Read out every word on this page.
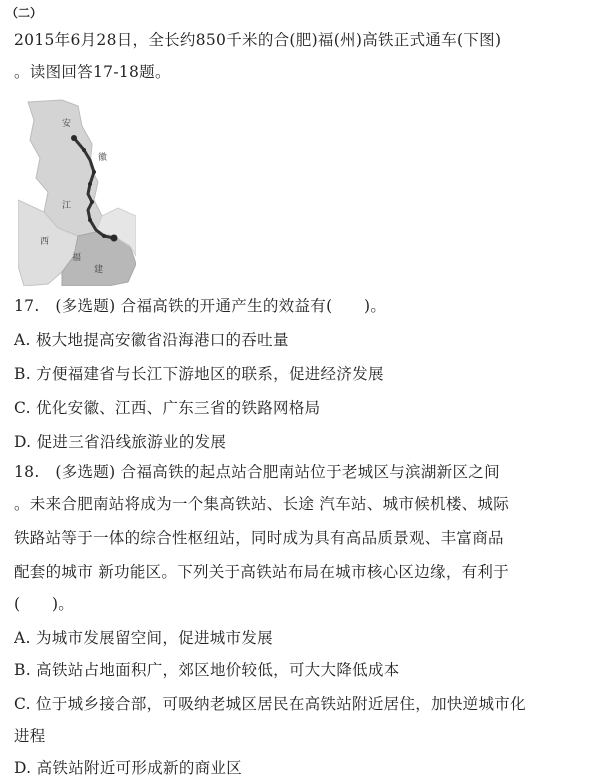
（二）
2015年6月28日，全长约850千米的合(肥)福(州)高铁正式通车(下图)
。读图回答17-18题。
安
徽
江
西
福
建
17.　(多选题) 合福高铁的开通产生的效益有(　　)。
A. 极大地提高安徽省沿海港口的吞吐量
B. 方便福建省与长江下游地区的联系，促进经济发展
C. 优化安徽、江西、广东三省的铁路网格局
D. 促进三省沿线旅游业的发展
18.　(多选题) 合福高铁的起点站合肥南站位于老城区与滨湖新区之间
。未来合肥南站将成为一个集高铁站、长途 汽车站、城市候机楼、城际
铁路站等于一体的综合性枢纽站，同时成为具有高品质景观、丰富商品
配套的城市 新功能区。下列关于高铁站布局在城市核心区边缘，有利于
(　　)。
A. 为城市发展留空间，促进城市发展
B. 高铁站占地面积广，郊区地价较低，可大大降低成本
C. 位于城乡接合部，可吸纳老城区居民在高铁站附近居住，加快逆城市化
进程
D. 高铁站附近可形成新的商业区
